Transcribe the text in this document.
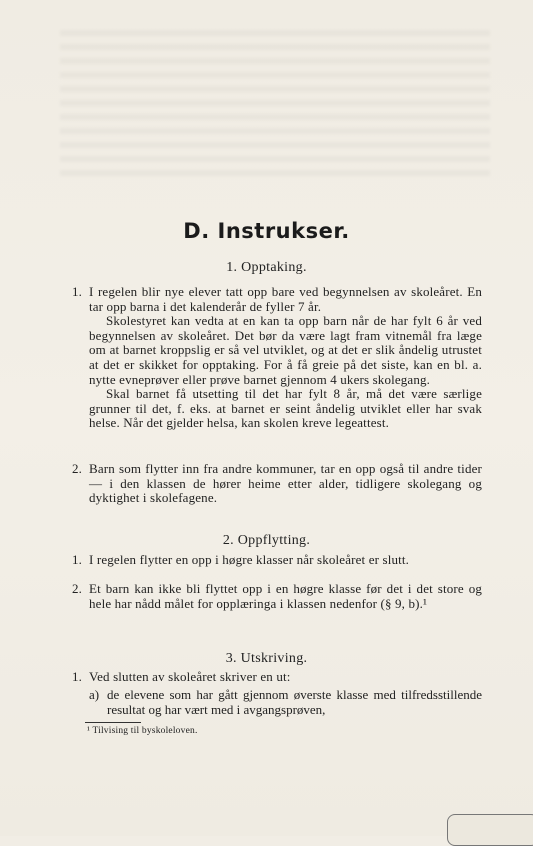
D. Instrukser.
1. Opptaking.
1. I regelen blir nye elever tatt opp bare ved begynnelsen av skoleåret. En tar opp barna i det kalenderår de fyller 7 år.
Skolestyret kan vedta at en kan ta opp barn når de har fylt 6 år ved begynnelsen av skoleåret. Det bør da være lagt fram vitnemål fra læge om at barnet kroppslig er så vel utviklet, og at det er slik åndelig utrustet at det er skikket for opptaking. For å få greie på det siste, kan en bl. a. nytte evneprøver eller prøve barnet gjennom 4 ukers skolegang.
Skal barnet få utsetting til det har fylt 8 år, må det være særlige grunner til det, f. eks. at barnet er seint åndelig utviklet eller har svak helse. Når det gjelder helsa, kan skolen kreve legeattest.
2. Barn som flytter inn fra andre kommuner, tar en opp også til andre tider — i den klassen de hører heime etter alder, tidligere skolegang og dyktighet i skolefagene.
2. Oppflytting.
1. I regelen flytter en opp i høgre klasser når skoleåret er slutt.
2. Et barn kan ikke bli flyttet opp i en høgre klasse før det i det store og hele har nådd målet for opplæringa i klassen nedenfor (§ 9, b).¹
3. Utskriving.
1. Ved slutten av skoleåret skriver en ut:
a) de elevene som har gått gjennom øverste klasse med tilfredsstillende resultat og har vært med i avgangsprøven,
¹ Tilvising til byskoleloven.
